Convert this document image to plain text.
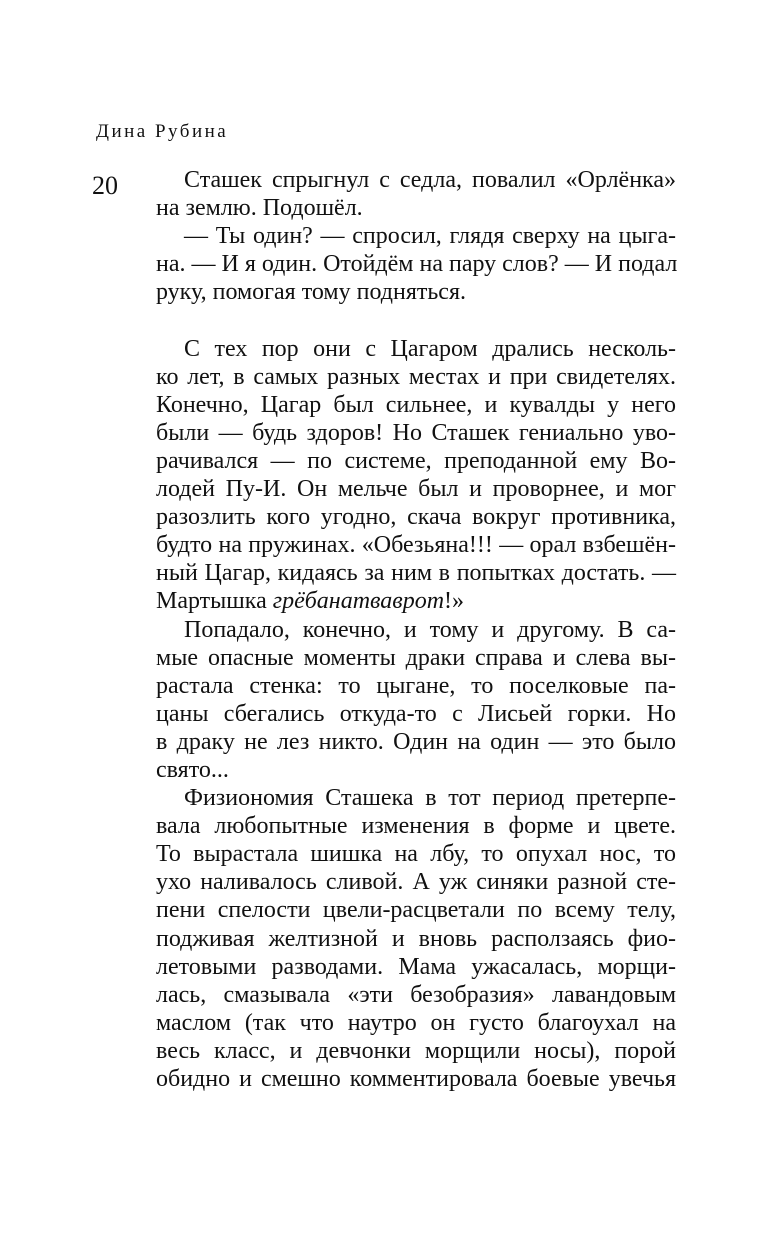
Дина Рубина
20	Сташек спрыгнул с седла, повалил «Орлёнка»
на землю. Подошёл.
— Ты один? — спросил, глядя сверху на цыга-
на. — И я один. Отойдём на пару слов? — И подал
руку, помогая тому подняться.
С тех пор они с Цагаром дрались несколь-
ко лет, в самых разных местах и при свидетелях.
Конечно, Цагар был сильнее, и кувалды у него
были — будь здоров! Но Сташек гениально уво-
рачивался — по системе, преподанной ему Во-
лодей Пу-И. Он мельче был и проворнее, и мог
разозлить кого угодно, скача вокруг противника,
будто на пружинах. «Обезьяна!!! — орал взбешён-
ный Цагар, кидаясь за ним в попытках достать. —
Мартышка грёбанатваврот!»
Попадало, конечно, и тому и другому. В са-
мые опасные моменты драки справа и слева вы-
растала стенка: то цыгане, то поселковые па-
цаны сбегались откуда-то с Лисьей горки. Но
в драку не лез никто. Один на один — это было
свято...
Физиономия Сташека в тот период претерпе-
вала любопытные изменения в форме и цвете.
То вырастала шишка на лбу, то опухал нос, то
ухо наливалось сливой. А уж синяки разной сте-
пени спелости цвели-расцветали по всему телу,
подживая желтизной и вновь расползаясь фио-
летовыми разводами. Мама ужасалась, морщи-
лась, смазывала «эти безобразия» лавандовым
маслом (так что наутро он густо благоухал на
весь класс, и девчонки морщили носы), порой
обидно и смешно комментировала боевые увечья
